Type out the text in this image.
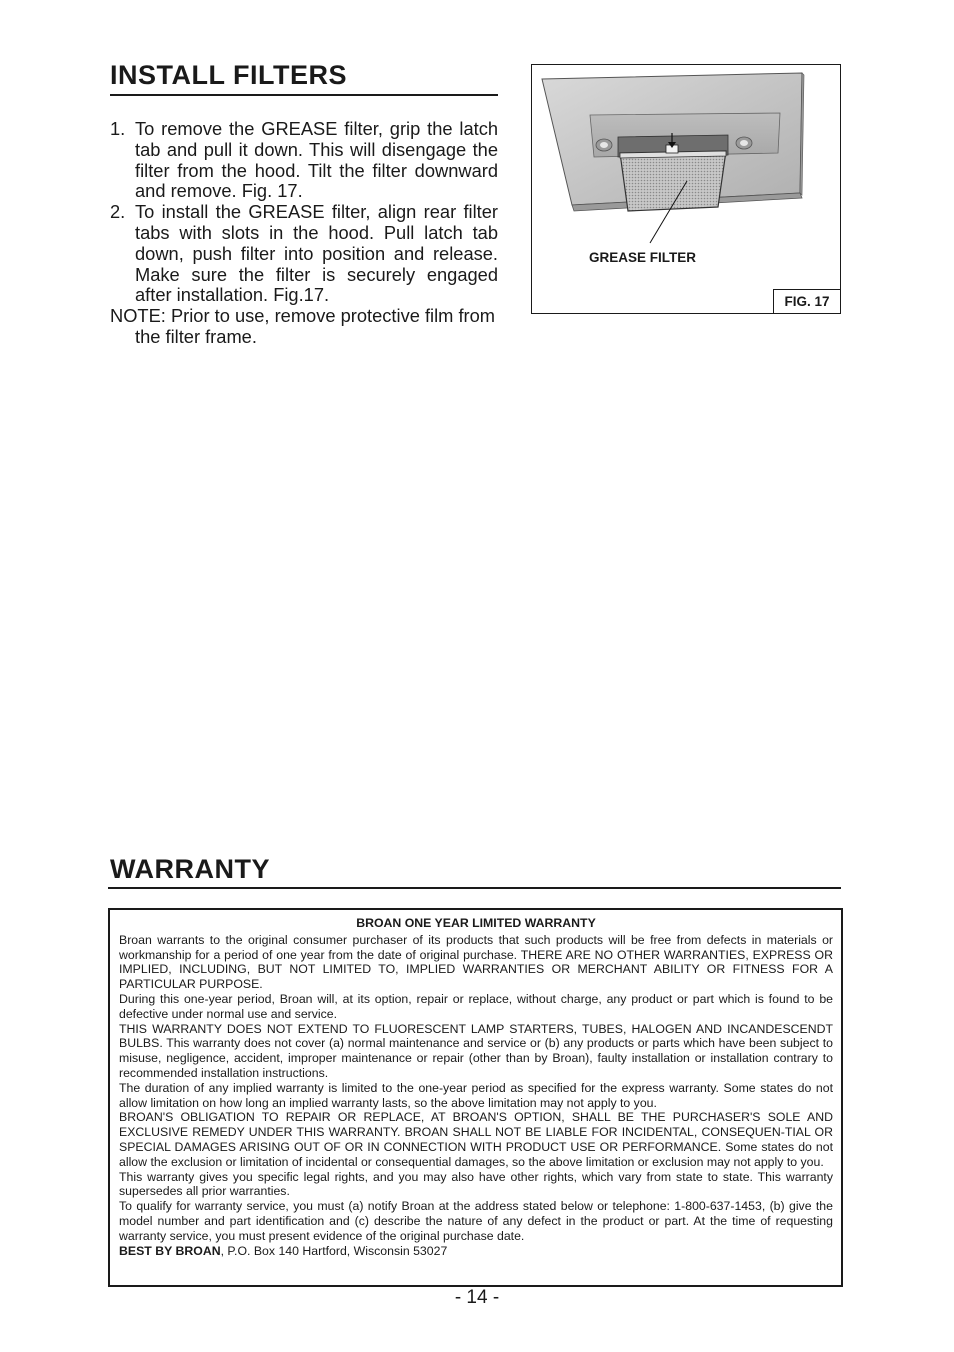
INSTALL FILTERS
1. To remove the GREASE filter, grip the latch tab and pull it down. This will disengage the filter from the hood. Tilt the filter downward and remove. Fig. 17.
2. To install the GREASE filter, align rear filter tabs with slots in the hood. Pull latch tab down, push filter into position and release. Make sure the filter is securely engaged after installation. Fig.17.
NOTE: Prior to use, remove protective film from the filter frame.
GREASE FILTER
FIG. 17
WARRANTY
BROAN ONE YEAR LIMITED WARRANTY

Broan warrants to the original consumer purchaser of its products that such products will be free from defects in materials or workmanship for a period of one year from the date of original purchase. THERE ARE NO OTHER WARRANTIES, EXPRESS OR IMPLIED, INCLUDING, BUT NOT LIMITED TO, IMPLIED WARRANTIES OR MERCHANT ABILITY OR FITNESS FOR A PARTICULAR PURPOSE.

During this one-year period, Broan will, at its option, repair or replace, without charge, any product or part which is found to be defective under normal use and service.

THIS WARRANTY DOES NOT EXTEND TO FLUORESCENT LAMP STARTERS, TUBES, HALOGEN AND INCANDESCENDT BULBS. This warranty does not cover (a) normal maintenance and service or (b) any products or parts which have been subject to misuse, negligence, accident, improper maintenance or repair (other than by Broan), faulty installation or installation contrary to recommended installation instructions.

The duration of any implied warranty is limited to the one-year period as specified for the express warranty. Some states do not allow limitation on how long an implied warranty lasts, so the above limitation may not apply to you.

BROAN'S OBLIGATION TO REPAIR OR REPLACE, AT BROAN'S OPTION, SHALL BE THE PURCHASER'S SOLE AND EXCLUSIVE REMEDY UNDER THIS WARRANTY. BROAN SHALL NOT BE LIABLE FOR INCIDENTAL, CONSEQUEN-TIAL OR SPECIAL DAMAGES ARISING OUT OF OR IN CONNECTION WITH PRODUCT USE OR PERFORMANCE. Some states do not allow the exclusion or limitation of incidental or consequential damages, so the above limitation or exclusion may not apply to you.

This warranty gives you specific legal rights, and you may also have other rights, which vary from state to state. This warranty supersedes all prior warranties.

To qualify for warranty service, you must (a) notify Broan at the address stated below or telephone: 1-800-637-1453, (b) give the model number and part identification and (c) describe the nature of any defect in the product or part. At the time of requesting warranty service, you must present evidence of the original purchase date.

BEST BY BROAN, P.O. Box 140 Hartford, Wisconsin 53027

- 14 -
